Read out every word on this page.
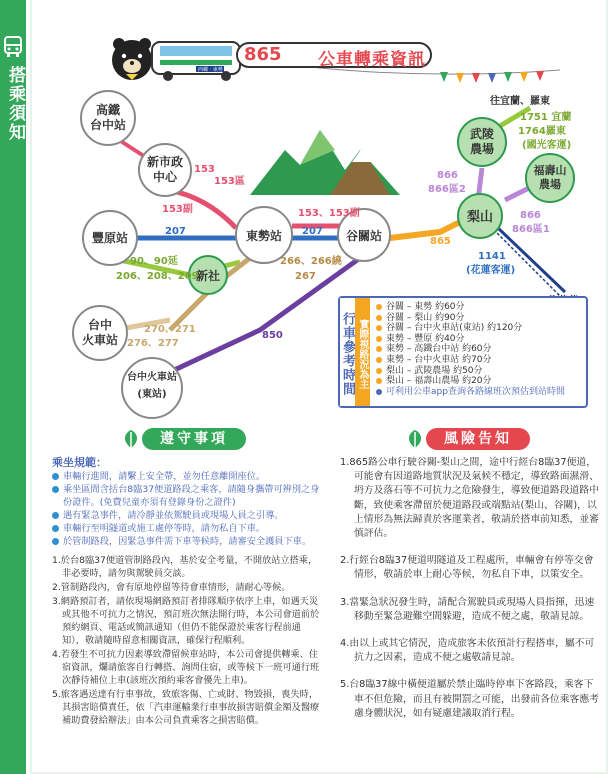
搭乘須知	西螺 ‧ 東勢
865 公車轉乘資訊
高鐵
台中站
新市政
中心
豐原站	東勢站	谷關站
梨山
武陵
農場
福壽山
農場
新社
台中
火車站
台中火車站
(東站)
153
153區
153副	153、153副
207	207
90、90延
206、208、209
266、266繞
267
270、271
276、277
850
865
866
866區2
866
866區1
1141
(花蓮客運)
1751 宜蘭
1764羅東
(國光客運)
往宜蘭、羅東
行車參考時間 實際視路況為主
谷關 – 東勢 約60分
谷關 – 梨山 約90分
谷關 – 台中火車站(東站) 約120分
東勢 – 豐原 約40分
東勢 – 高鐵台中站 約60分
東勢 – 台中火車站 約70分
梨山 – 武陵農場 約50分
梨山 – 福壽山農場 約20分
可利用公車app查詢各路線班次預估到站時間
遵守事項	風險告知
乘坐規範：
車輛行進間，請繫上安全帶，並勿任意離開座位。
乘坐區間含括台8臨37便道路段之乘客，請隨身攜帶可辨別之身份證件。(免費兒童亦須有登錄身份之證件)
遇有緊急事件，請冷靜並依駕駛員或現場人員之引導。
車輛行至明隧道或施工處停等時，請勿私自下車。
於管制路段，因緊急事件需下車等候時，請審安全護員下車。
1.於台8臨37便道管制路段內，基於安全考量，不開放站立搭乘，非必要時，請勿與駕駛員交談。
2.管制路段內，會有原地停留等待會車情形，請耐心等候。
3.網路預訂者，請依現場網路預訂者排隊順序依序上車，如遇天災或其他不可抗力之情況，預訂班次無法開行時，本公司會道前於預約網頁、電話或簡訊通知（但仍不能保證於乘客行程前通知），敬請隨時留意相關資訊，確保行程順利。
4.若發生不可抗力因素導致滯留候車站時，本公司會提供轉乘、住宿資訊，爛請旅客自行轉搭、詢問住宿，或等候下一班可通行班次靜待補位上車(該班次預約乘客會優先上車)。
5.旅客遇送達有行車事故，致旅客傷、亡或財、物毀損，喪失時，其損害賠償責任，依「汽車運輸業行車事故損害賠償金額及醫療補助費發給辦法」由本公司負責乘客之損害賠償。

1.865路公車行駛谷關-梨山之間，途中行經台8臨37便道，可能會有因道路地質狀況及氣候不穩定，導致路面濕滑、坍方及落石等不可抗力之危險發生，導致便道路段道路中斷，致使乘客滯留於便道路段或端點站(梨山、谷關)，以上情形為無法歸責於客運業者，敬請於搭車前知悉，並審慎評估。

2.行經台8臨37便道明隧道及工程處所，車輛會有停等交會情形，敬請於車上耐心等候，勿私自下車，以策安全。

3.當緊急狀況發生時，請配合駕駛員或現場人員指揮，迅速移動至緊急避難空間躲避，造成不便之處，敬請見諒。

4.由以上或其它情況，造成旅客未依預計行程搭車，屬不可抗力之因素，造成不便之處敬請見諒。

5.台8臨37線中橫便道屬於禁止臨時停車下客路段，乘客下車不但危險，而且有被開罰之可能，出發前各位乘客應考慮身體狀況，如有疑慮建議取消行程。
